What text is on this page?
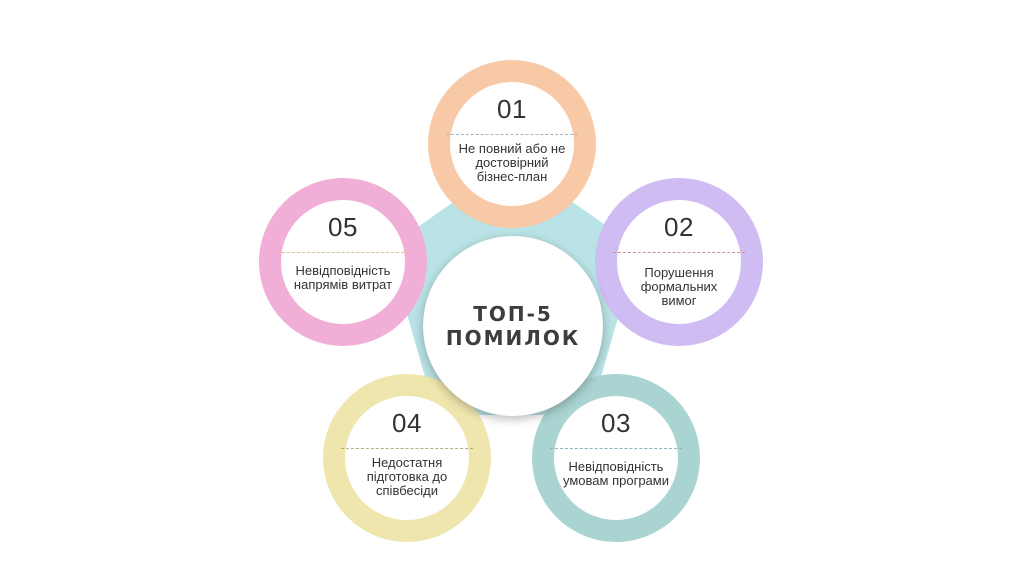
01
Не повний або не достовірний бізнес-план
02
Порушення формальних вимог
03
Невідповідність умовам програми
04
Недостатня підготовка до співбесіди
05
Невідповідність напрямів витрат
ТОП-5 ПОМИЛОК
